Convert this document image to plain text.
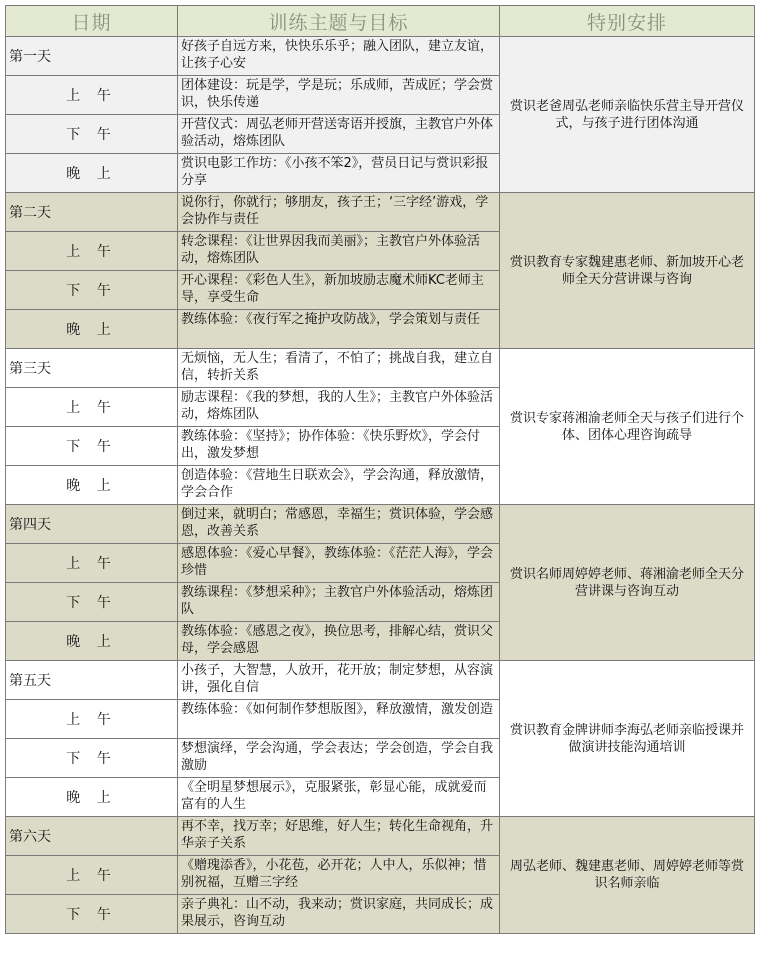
日期	训练主题与目标	特别安排
第一天	好孩子自远方来，快快乐乐乎；融入团队，建立友谊，让孩子心安	赏识老爸周弘老师亲临快乐营主导开营仪式，与孩子进行团体沟通
上 午	团体建设：玩是学，学是玩；乐成师，苦成匠；学会赏识，快乐传递	
下 午	开营仪式：周弘老师开营送寄语并授旗，主教官户外体验活动，熔炼团队	
晚 上	赏识电影工作坊：《小孩不笨2》，营员日记与赏识彩报分享	
第二天	说你行，你就行；够朋友，孩子王；‘三字经’游戏，学会协作与责任	赏识教育专家魏建惠老师、新加坡开心老师全天分营讲课与咨询
上 午	转念课程：《让世界因我而美丽》；主教官户外体验活动，熔炼团队	
下 午	开心课程：《彩色人生》，新加坡励志魔术师KC老师主导，享受生命	
晚 上	教练体验：《夜行军之掩护攻防战》，学会策划与责任	
第三天	无烦恼，无人生；看清了，不怕了；挑战自我，建立自信，转折关系	赏识专家蒋湘渝老师全天与孩子们进行个体、团体心理咨询疏导
上 午	励志课程：《我的梦想，我的人生》；主教官户外体验活动，熔炼团队	
下 午	教练体验：《坚持》；协作体验：《快乐野炊》，学会付出，激发梦想	
晚 上	创造体验：《营地生日联欢会》，学会沟通，释放激情，学会合作	
第四天	倒过来，就明白；常感恩，幸福生；赏识体验，学会感恩，改善关系	赏识名师周婷婷老师、蒋湘渝老师全天分营讲课与咨询互动
上 午	感恩体验：《爱心早餐》，教练体验：《茫茫人海》，学会珍惜	
下 午	教练课程：《梦想采种》；主教官户外体验活动，熔炼团队	
晚 上	教练体验：《感恩之夜》，换位思考，排解心结，赏识父母，学会感恩	
第五天	小孩子，大智慧，人放开，花开放；制定梦想，从容演讲，强化自信	赏识教育金牌讲师李海弘老师亲临授课并做演讲技能沟通培训
上 午	教练体验：《如何制作梦想版图》，释放激情，激发创造	
下 午	梦想演绎，学会沟通，学会表达；学会创造，学会自我激励	
晚 上	《全明星梦想展示》，克服紧张，彰显心能，成就爱而富有的人生	
第六天	再不幸，找万幸；好思维，好人生；转化生命视角，升华亲子关系	周弘老师、魏建惠老师、周婷婷老师等赏识名师亲临
上 午	《赠瑰添香》，小花苞，必开花；人中人，乐似神；惜别祝福，互赠三字经	
下 午	亲子典礼：山不动，我来动；赏识家庭，共同成长；成果展示，咨询互动	
